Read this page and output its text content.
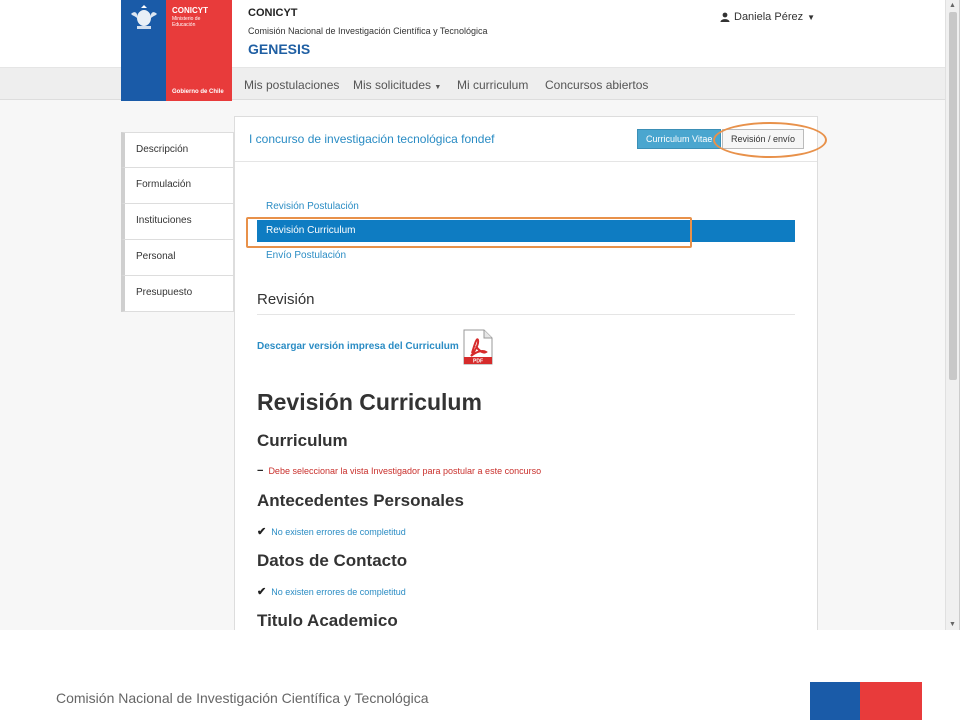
CONICYT
Comisión Nacional de Investigación Científica y Tecnológica
GENESIS
Daniela Pérez ▼
Mis postulaciones Mis solicitudes ▼ Mi curriculum Concursos abiertos
CONICYT
Ministerio de Educación
Gobierno de Chile
Descripción
Formulación
Instituciones
Personal
Presupuesto
I concurso de investigación tecnológica fondef	Curriculum Vitae	Revisión / envío
Revisión Postulación
Revisión Curriculum
Envío Postulación
Revisión
Descargar versión impresa del Curriculum
PDF
Revisión Curriculum
Curriculum
− Debe seleccionar la vista Investigador para postular a este concurso
Antecedentes Personales
✔ No existen errores de completitud
Datos de Contacto
✔ No existen errores de completitud
Titulo Academico
▲
▼
Comisión Nacional de Investigación Científica y Tecnológica
